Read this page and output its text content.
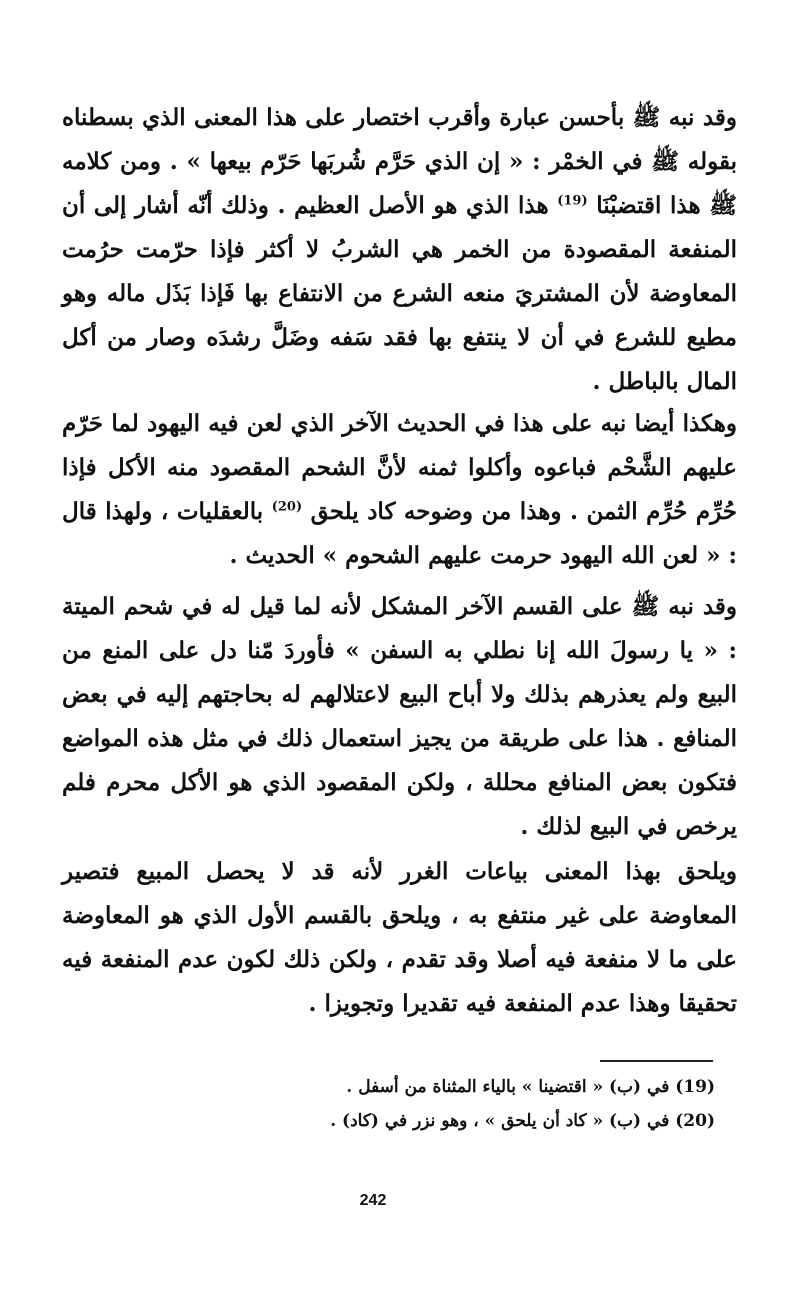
وقد نبه ﷺ بأحسن عبارة وأقرب اختصار على هذا المعنى الذي بسطناه بقوله ﷺ في الخمْر : « إن الذي حَرَّم شُربَها حَرّم بيعها » . ومن كلامه ﷺ هذا اقتضبْنَا $^{(19)}$ هذا الذي هو الأصل العظيم . وذلك أنّه أشار إلى أن المنفعة المقصودة من الخمر هي الشربُ لا أكثر فإذا حرّمت حرُمت المعاوضة لأن المشتريَ منعه الشرع من الانتفاع بها فَإذا بَذَل ماله وهو مطيع للشرع في أن لا ينتفع بها فقد سَفه وضَلَّ رشدَه وصار من أكل المال بالباطل .
وهكذا أيضا نبه على هذا في الحديث الآخر الذي لعن فيه اليهود لما حَرّم عليهم الشَّحْم فباعوه وأكلوا ثمنه لأنَّ الشحم المقصود منه الأكل فإذا حُرِّم حُرِّم الثمن . وهذا من وضوحه كاد يلحق $^{(20)}$ بالعقليات ، ولهذا قال : « لعن الله اليهود حرمت عليهم الشحوم » الحديث .
وقد نبه ﷺ على القسم الآخر المشكل لأنه لما قيل له في شحم الميتة : « يا رسولَ الله إنا نطلي به السفن » فأوردَ مّنا دل على المنع من البيع ولم يعذرهم بذلك ولا أباح البيع لاعتلالهم له بحاجتهم إليه في بعض المنافع . هذا على طريقة من يجيز استعمال ذلك في مثل هذه المواضع فتكون بعض المنافع محللة ، ولكن المقصود الذي هو الأكل محرم فلم يرخص في البيع لذلك .
ويلحق بهذا المعنى بياعات الغرر لأنه قد لا يحصل المبيع فتصير المعاوضة على غير منتفع به ، ويلحق بالقسم الأول الذي هو المعاوضة على ما لا منفعة فيه أصلا وقد تقدم ، ولكن ذلك لكون عدم المنفعة فيه تحقيقا وهذا عدم المنفعة فيه تقديرا وتجويزا .
(19) في (ب) « اقتضينا » بالياء المثناة من أسفل .
(20) في (ب) « كاد أن يلحق » ، وهو نزر في (كاد) .
242
